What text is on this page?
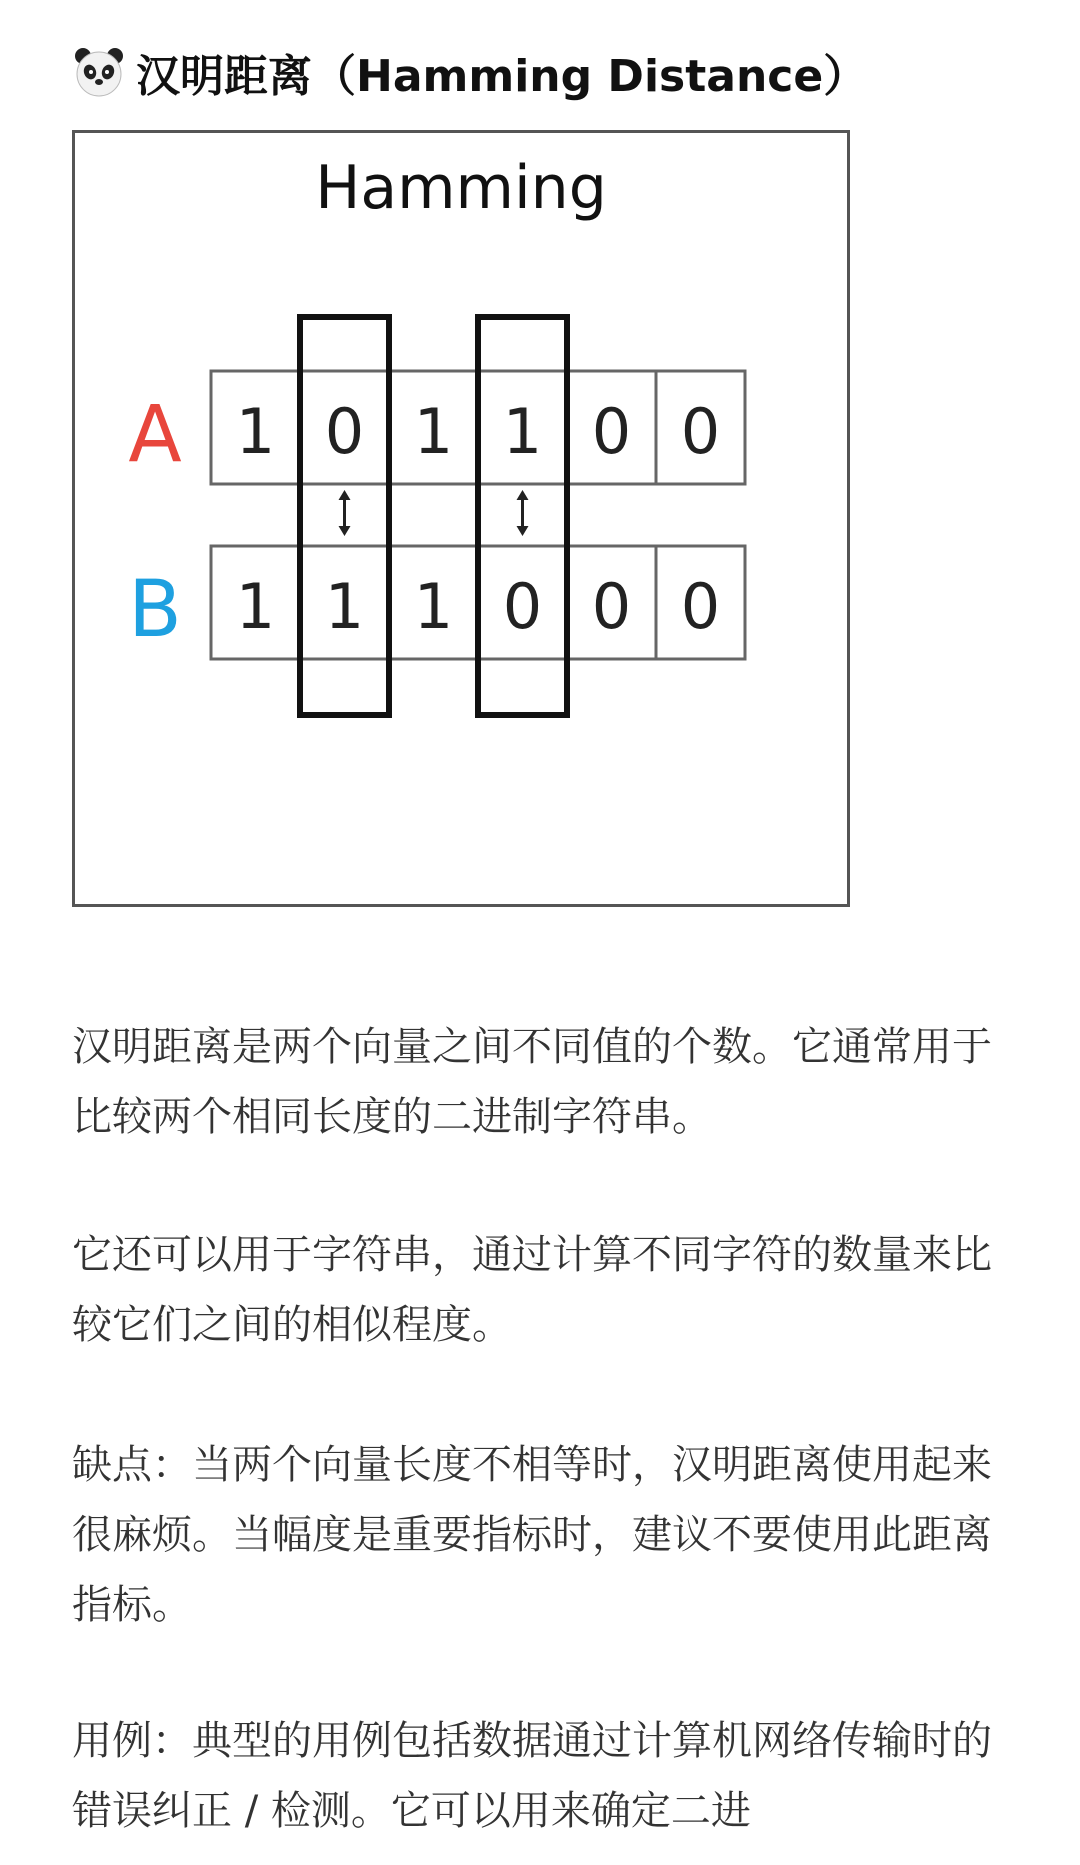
汉明距离（Hamming Distance）
Hamming
A
B
1 0 1 1 0 0
1 1 1 0 0 0

汉明距离是两个向量之间不同值的个数。它通常用于比较两个相同长度的二进制字符串。

它还可以用于字符串，通过计算不同字符的数量来比较它们之间的相似程度。

缺点：当两个向量长度不相等时，汉明距离使用起来很麻烦。当幅度是重要指标时，建议不要使用此距离指标。

用例：典型的用例包括数据通过计算机网络传输时的错误纠正 / 检测。它可以用来确定二进
